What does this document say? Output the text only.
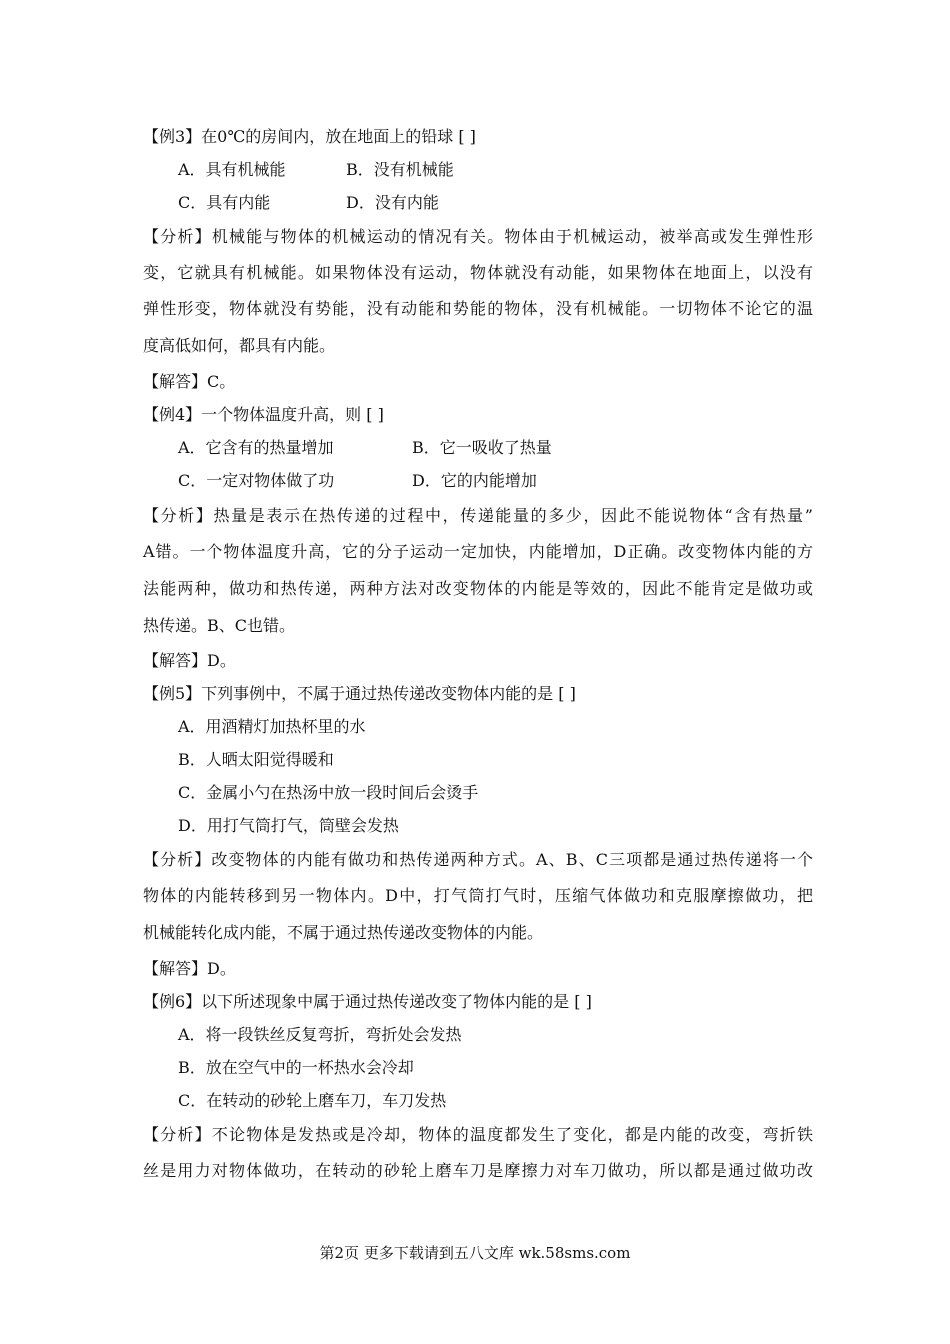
【例3】在0℃的房间内，放在地面上的铅球 [ ]
A．具有机械能	B．没有机械能
C．具有内能	D．没有内能
【分析】机械能与物体的机械运动的情况有关。物体由于机械运动，被举高或发生弹性形
变，它就具有机械能。如果物体没有运动，物体就没有动能，如果物体在地面上，以没有
弹性形变，物体就没有势能，没有动能和势能的物体，没有机械能。一切物体不论它的温
度高低如何，都具有内能。
【解答】C。
【例4】一个物体温度升高，则 [ ]
A．它含有的热量增加	B．它一吸收了热量
C．一定对物体做了功	D．它的内能增加
【分析】热量是表示在热传递的过程中，传递能量的多少，因此不能说物体“含有热量”
A错。一个物体温度升高，它的分子运动一定加快，内能增加，D正确。改变物体内能的方
法能两种，做功和热传递，两种方法对改变物体的内能是等效的，因此不能肯定是做功或
热传递。B、C也错。
【解答】D。
【例5】下列事例中，不属于通过热传递改变物体内能的是 [ ]
A．用酒精灯加热杯里的水
B．人晒太阳觉得暖和
C．金属小勺在热汤中放一段时间后会烫手
D．用打气筒打气，筒壁会发热
【分析】改变物体的内能有做功和热传递两种方式。A、B、C三项都是通过热传递将一个
物体的内能转移到另一物体内。D中，打气筒打气时，压缩气体做功和克服摩擦做功，把
机械能转化成内能，不属于通过热传递改变物体的内能。
【解答】D。
【例6】以下所述现象中属于通过热传递改变了物体内能的是 [ ]
A．将一段铁丝反复弯折，弯折处会发热
B．放在空气中的一杯热水会冷却
C．在转动的砂轮上磨车刀，车刀发热
【分析】不论物体是发热或是冷却，物体的温度都发生了变化，都是内能的改变，弯折铁
丝是用力对物体做功，在转动的砂轮上磨车刀是摩擦力对车刀做功，所以都是通过做功改
第2页 更多下载请到五八文库 wk.58sms.com
